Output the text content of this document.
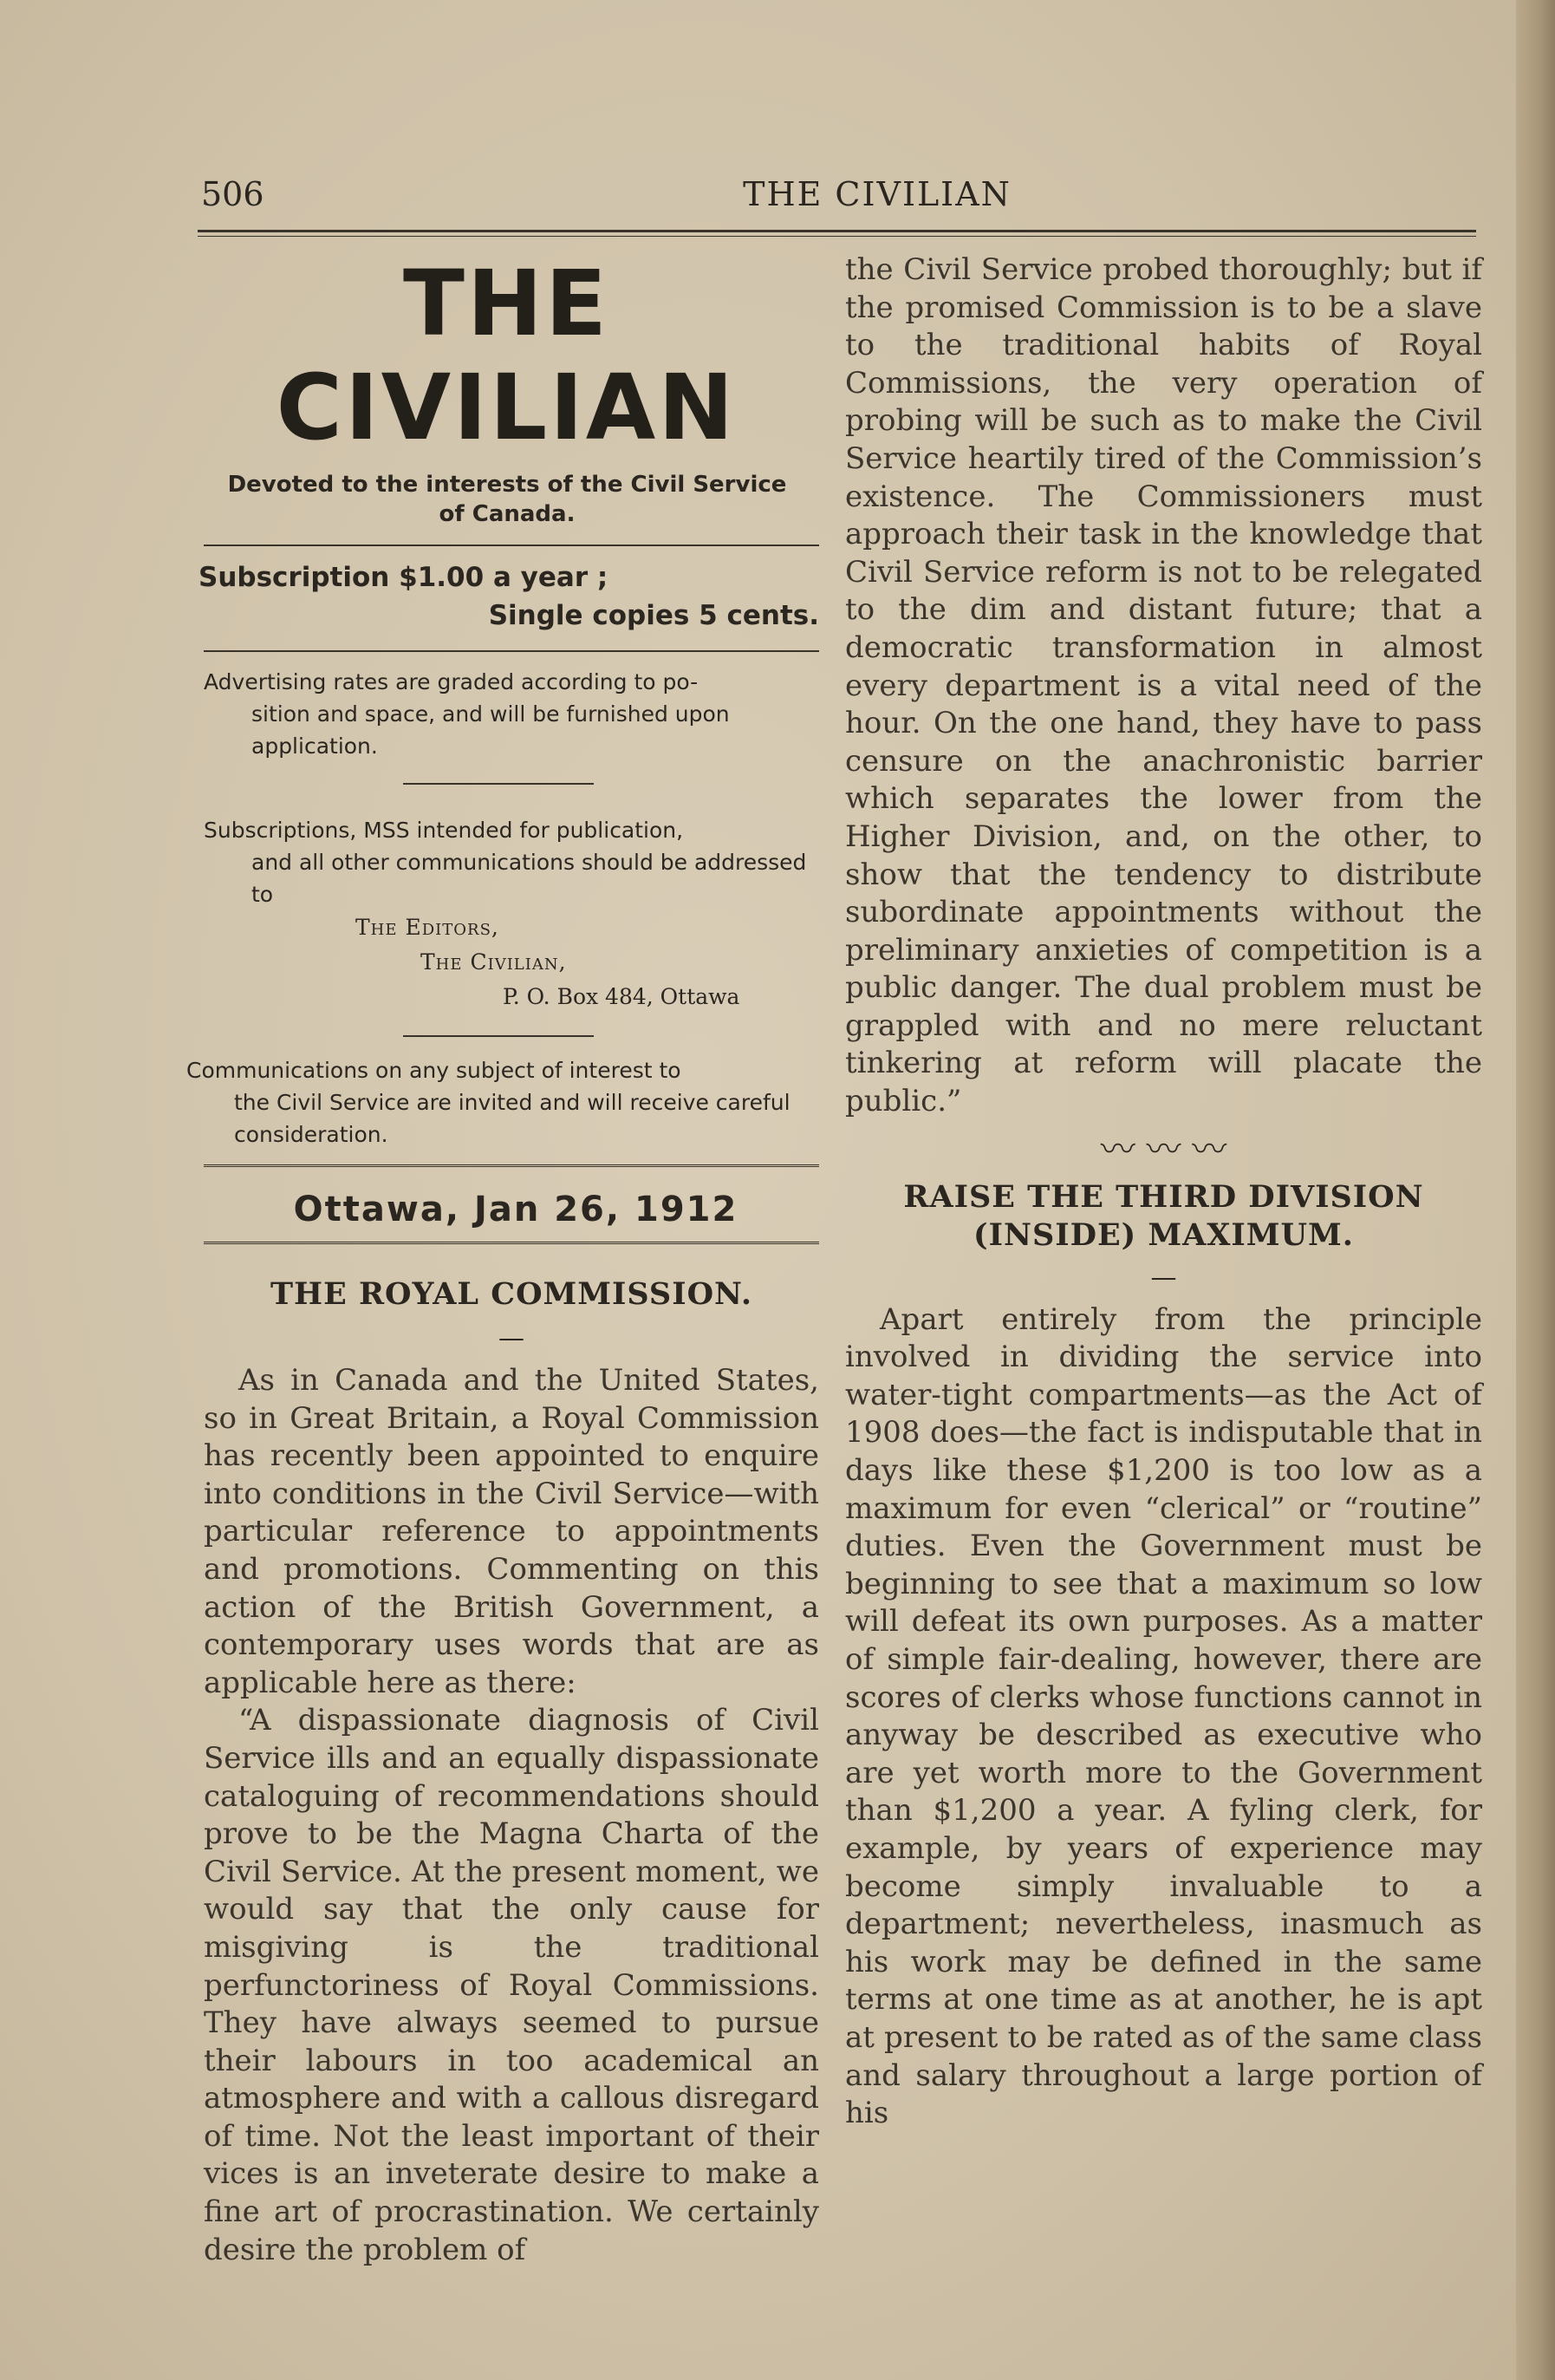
506	THE CIVILIAN
THE CIVILIAN
Devoted to the interests of the Civil Service
of Canada.
Subscription $1.00 a year ;
Single copies 5 cents.
Advertising rates are graded according to po-
sition and space, and will be furnished upon application.
Subscriptions, MSS intended for publication,
and all other communications should be addressed to
The Editors,
The Civilian,
P. O. Box 484, Ottawa
Communications on any subject of interest to
the Civil Service are invited and will receive careful consideration.
Ottawa, Jan 26, 1912
THE ROYAL COMMISSION.
—

As in Canada and the United States, so in Great Britain, a Royal Commission has recently been appointed to enquire into conditions in the Civil Service—with particular reference to appointments and promotions. Commenting on this action of the British Government, a contemporary uses words that are as applicable here as there:

“A dispassionate diagnosis of Civil Service ills and an equally dispassionate cataloguing of recommendations should prove to be the Magna Charta of the Civil Service. At the present moment, we would say that the only cause for misgiving is the traditional perfunctoriness of Royal Commissions. They have always seemed to pursue their labours in too academical an atmosphere and with a callous disregard of time. Not the least important of their vices is an inveterate desire to make a fine art of procrastination. We certainly desire the problem of

the Civil Service probed thoroughly; but if the promised Commission is to be a slave to the traditional habits of Royal Commissions, the very operation of probing will be such as to make the Civil Service heartily tired of the Commission’s existence. The Commissioners must approach their task in the knowledge that Civil Service reform is not to be relegated to the dim and distant future; that a democratic transformation in almost every department is a vital need of the hour. On the one hand, they have to pass censure on the anachronistic barrier which separates the lower from the Higher Division, and, on the other, to show that the tendency to distribute subordinate appointments without the preliminary anxieties of competition is a public danger. The dual problem must be grappled with and no mere reluctant tinkering at reform will placate the public.”

〰 〰 〰
RAISE THE THIRD DIVISION
(INSIDE) MAXIMUM.
—

Apart entirely from the principle involved in dividing the service into water-tight compartments—as the Act of 1908 does—the fact is indisputable that in days like these $1,200 is too low as a maximum for even “clerical” or “routine” duties. Even the Government must be beginning to see that a maximum so low will defeat its own purposes. As a matter of simple fair-dealing, however, there are scores of clerks whose functions cannot in anyway be described as executive who are yet worth more to the Government than $1,200 a year. A fyling clerk, for example, by years of experience may become simply invaluable to a department; nevertheless, inasmuch as his work may be defined in the same terms at one time as at another, he is apt at present to be rated as of the same class and salary throughout a large portion of his
